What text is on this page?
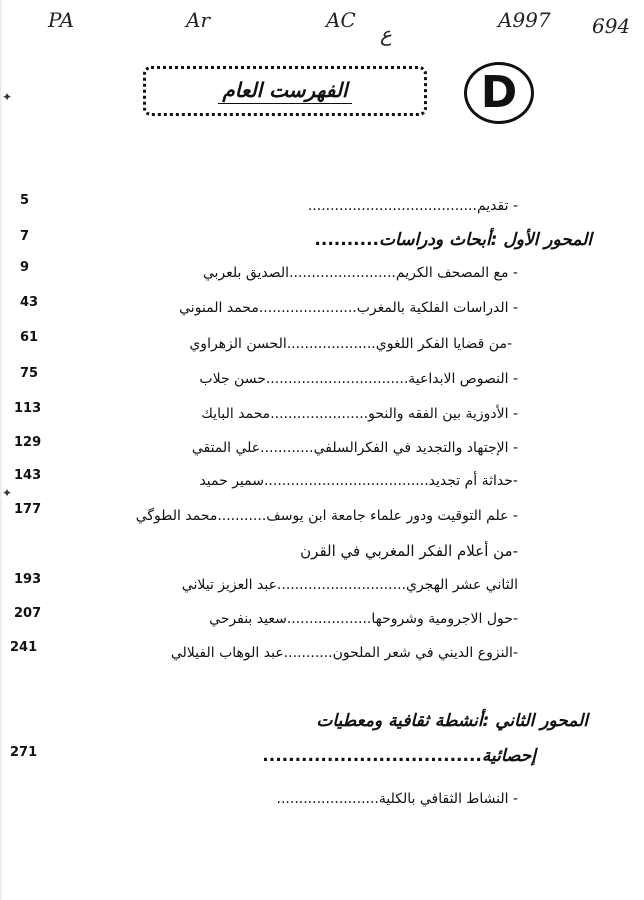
PA	Ar	AC
ع
A997 694
الفهرست العام	D
✦
✦
5	- تقديم......................................
7	المحور الأول :أبحاث ودراسات..........
9	- مع المصحف الكريم........................الصديق بلعربي
43	- الدراسات الفلكية بالمغرب......................محمد المنوني
61	-من قضايا الفكر اللغوي....................الحسن الزهراوي
75	- النصوص الابداعية................................حسن جلاب
113	- الأدوزية بين الفقه والنحو......................محمد البايك
129	- الإجتهاد والتجديد في الفكرالسلفي............علي المتقي
143	-حداثة أم تجديد.....................................سمير حميد
177	- علم التوقيت ودور علماء جامعة ابن يوسف...........محمد الطوگي
-من أعلام الفكر المغربي في القرن
193	الثاني عشر الهجري.............................عبد العزيز تيلاني
207	-حول الاجرومية وشروحها...................سعيد بنفرحي
241	-النزوع الديني في شعر الملحون...........عبد الوهاب الفيلالي
المحور الثاني :أنشطة ثقافية ومعطيات
271	إحصائية..................................
- النشاط الثقافي بالكلية.......................
